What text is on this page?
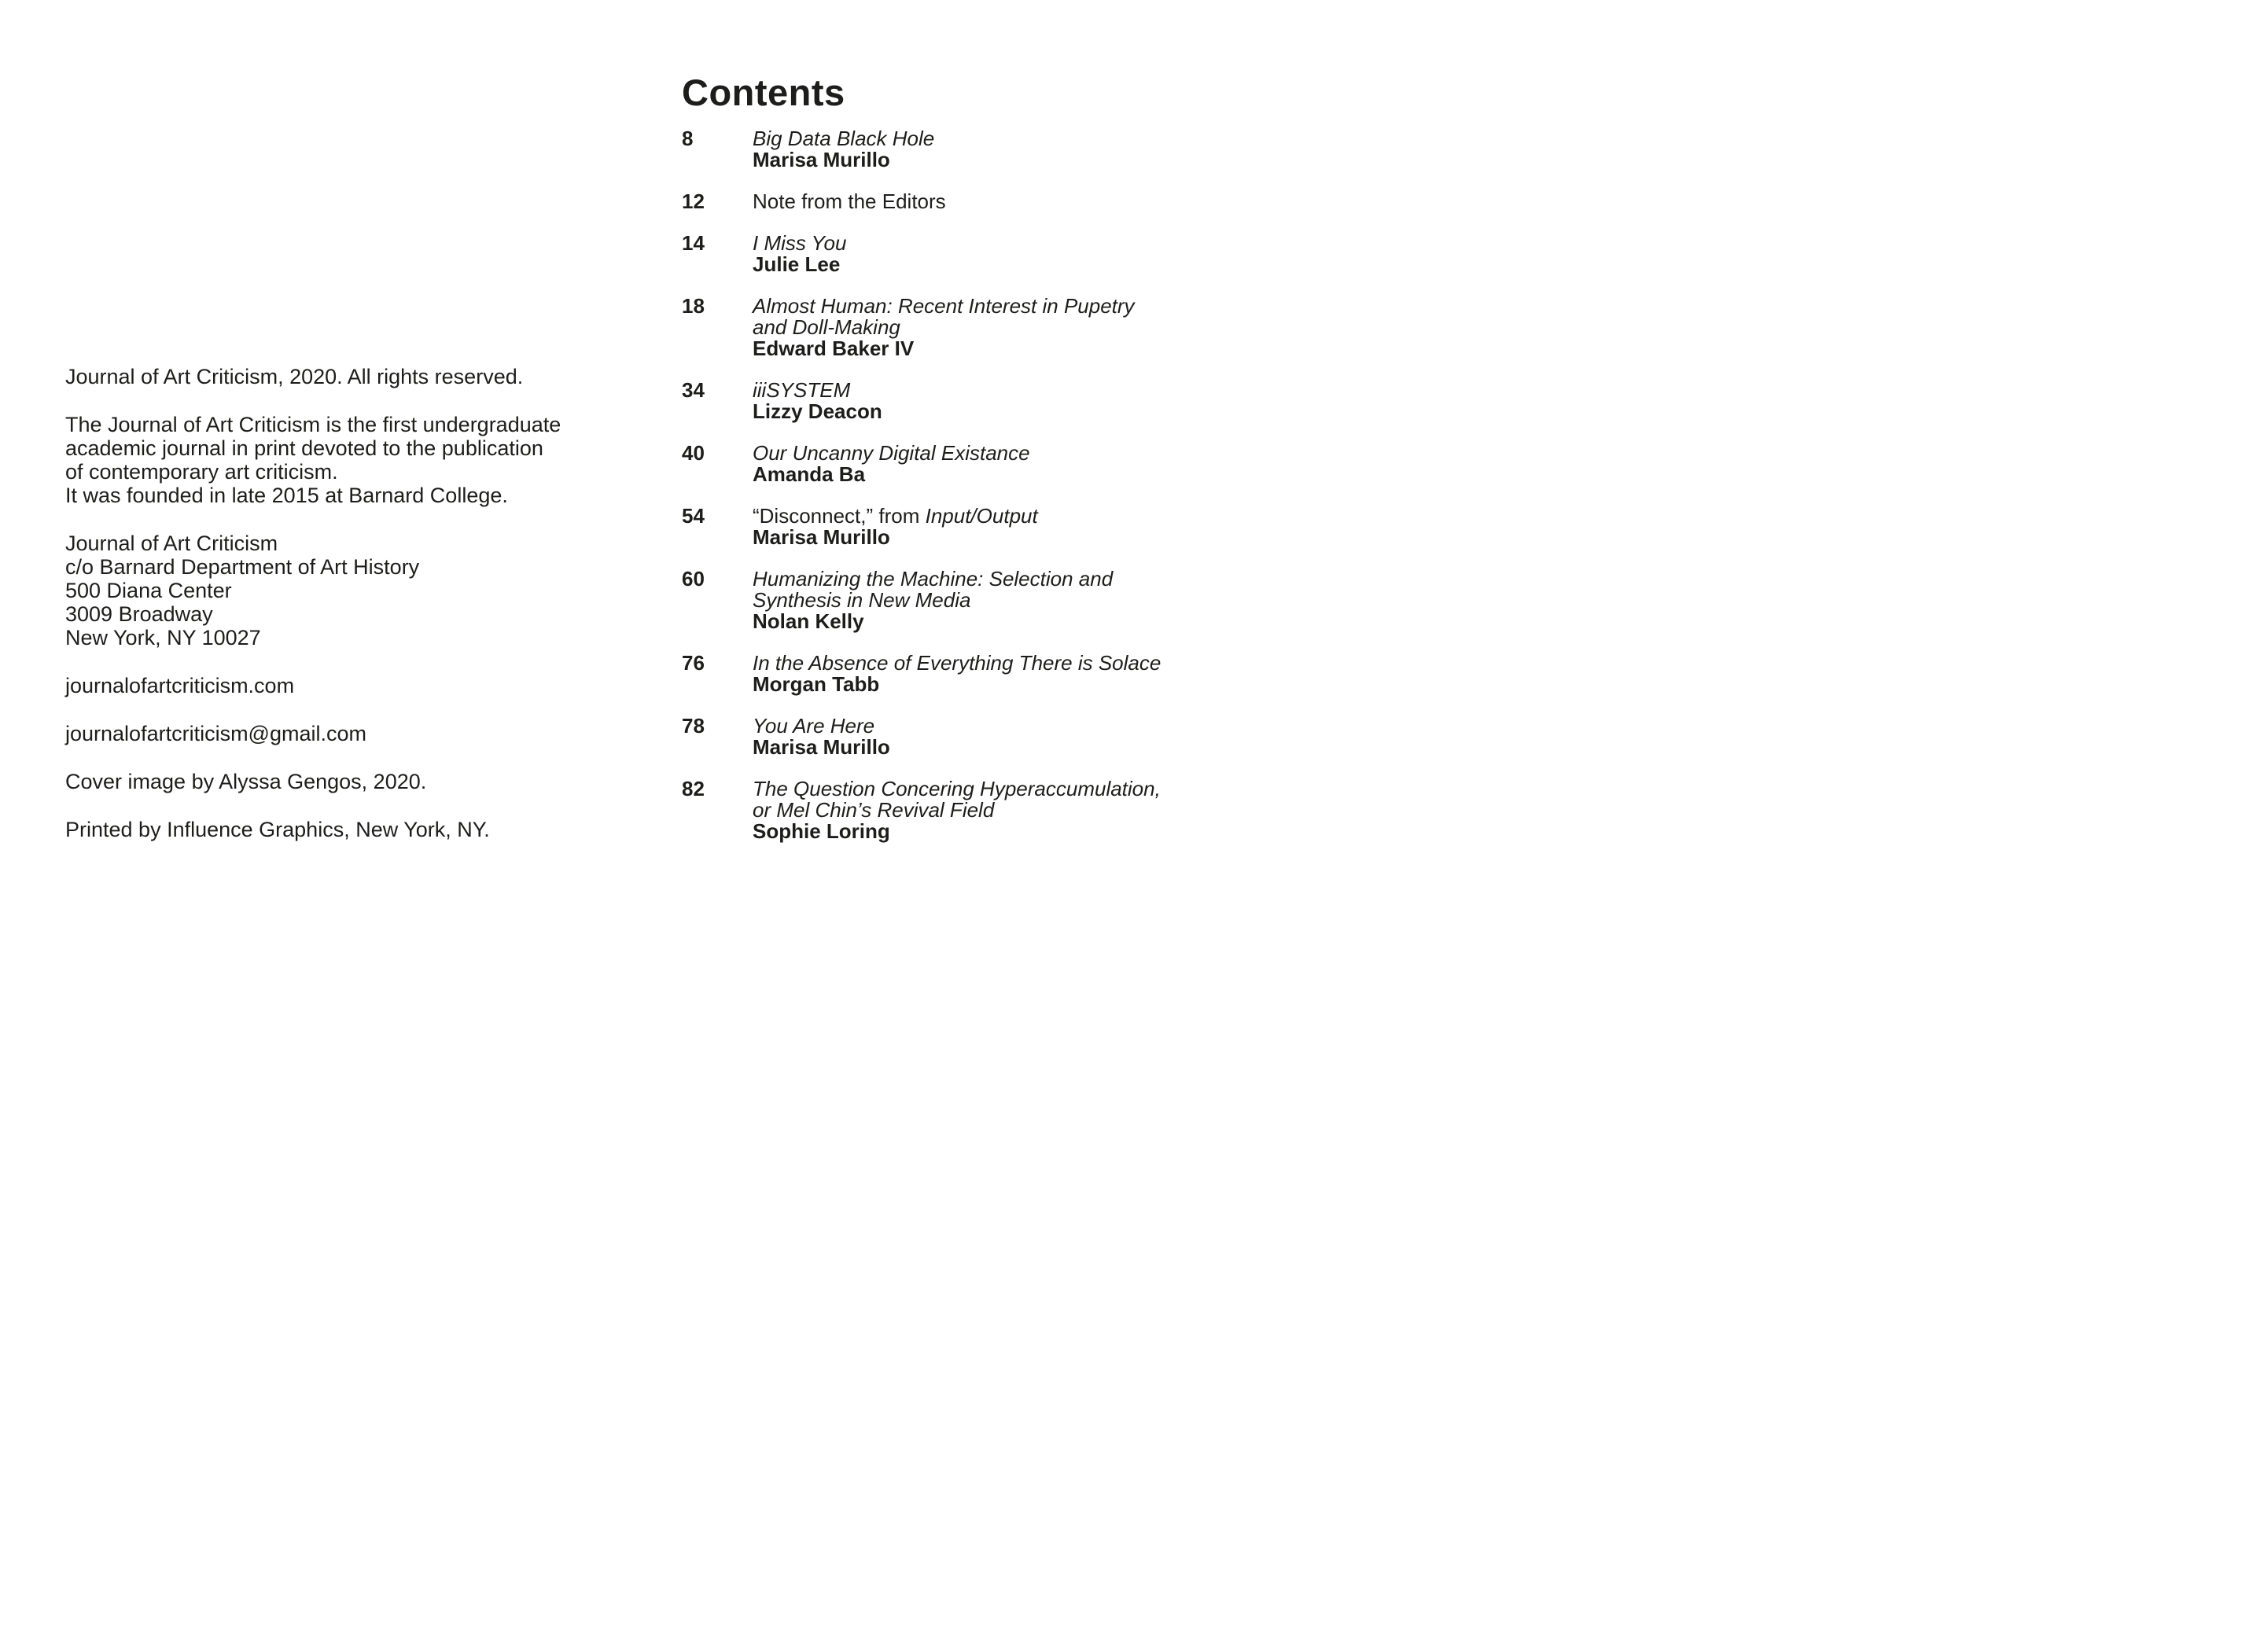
Journal of Art Criticism, 2020. All rights reserved.
The Journal of Art Criticism is the first undergraduate
academic journal in print devoted to the publication
of contemporary art criticism.
It was founded in late 2015 at Barnard College.
Journal of Art Criticism
c/o Barnard Department of Art History
500 Diana Center
3009 Broadway
New York, NY 10027
journalofartcriticism.com
journalofartcriticism@gmail.com
Cover image by Alyssa Gengos, 2020.
Printed by Influence Graphics, New York, NY.
Contents
8	Big Data Black Hole
Marisa Murillo
12	Note from the Editors
14	I Miss You
Julie Lee
18	Almost Human: Recent Interest in Pupetry
and Doll-Making
Edward Baker IV
34	iiiSYSTEM
Lizzy Deacon
40	Our Uncanny Digital Existance
Amanda Ba
54	“Disconnect,” from Input/Output
Marisa Murillo
60	Humanizing the Machine: Selection and
Synthesis in New Media
Nolan Kelly
76	In the Absence of Everything There is Solace
Morgan Tabb
78	You Are Here
Marisa Murillo
82	The Question Concering Hyperaccumulation,
or Mel Chin’s Revival Field
Sophie Loring
